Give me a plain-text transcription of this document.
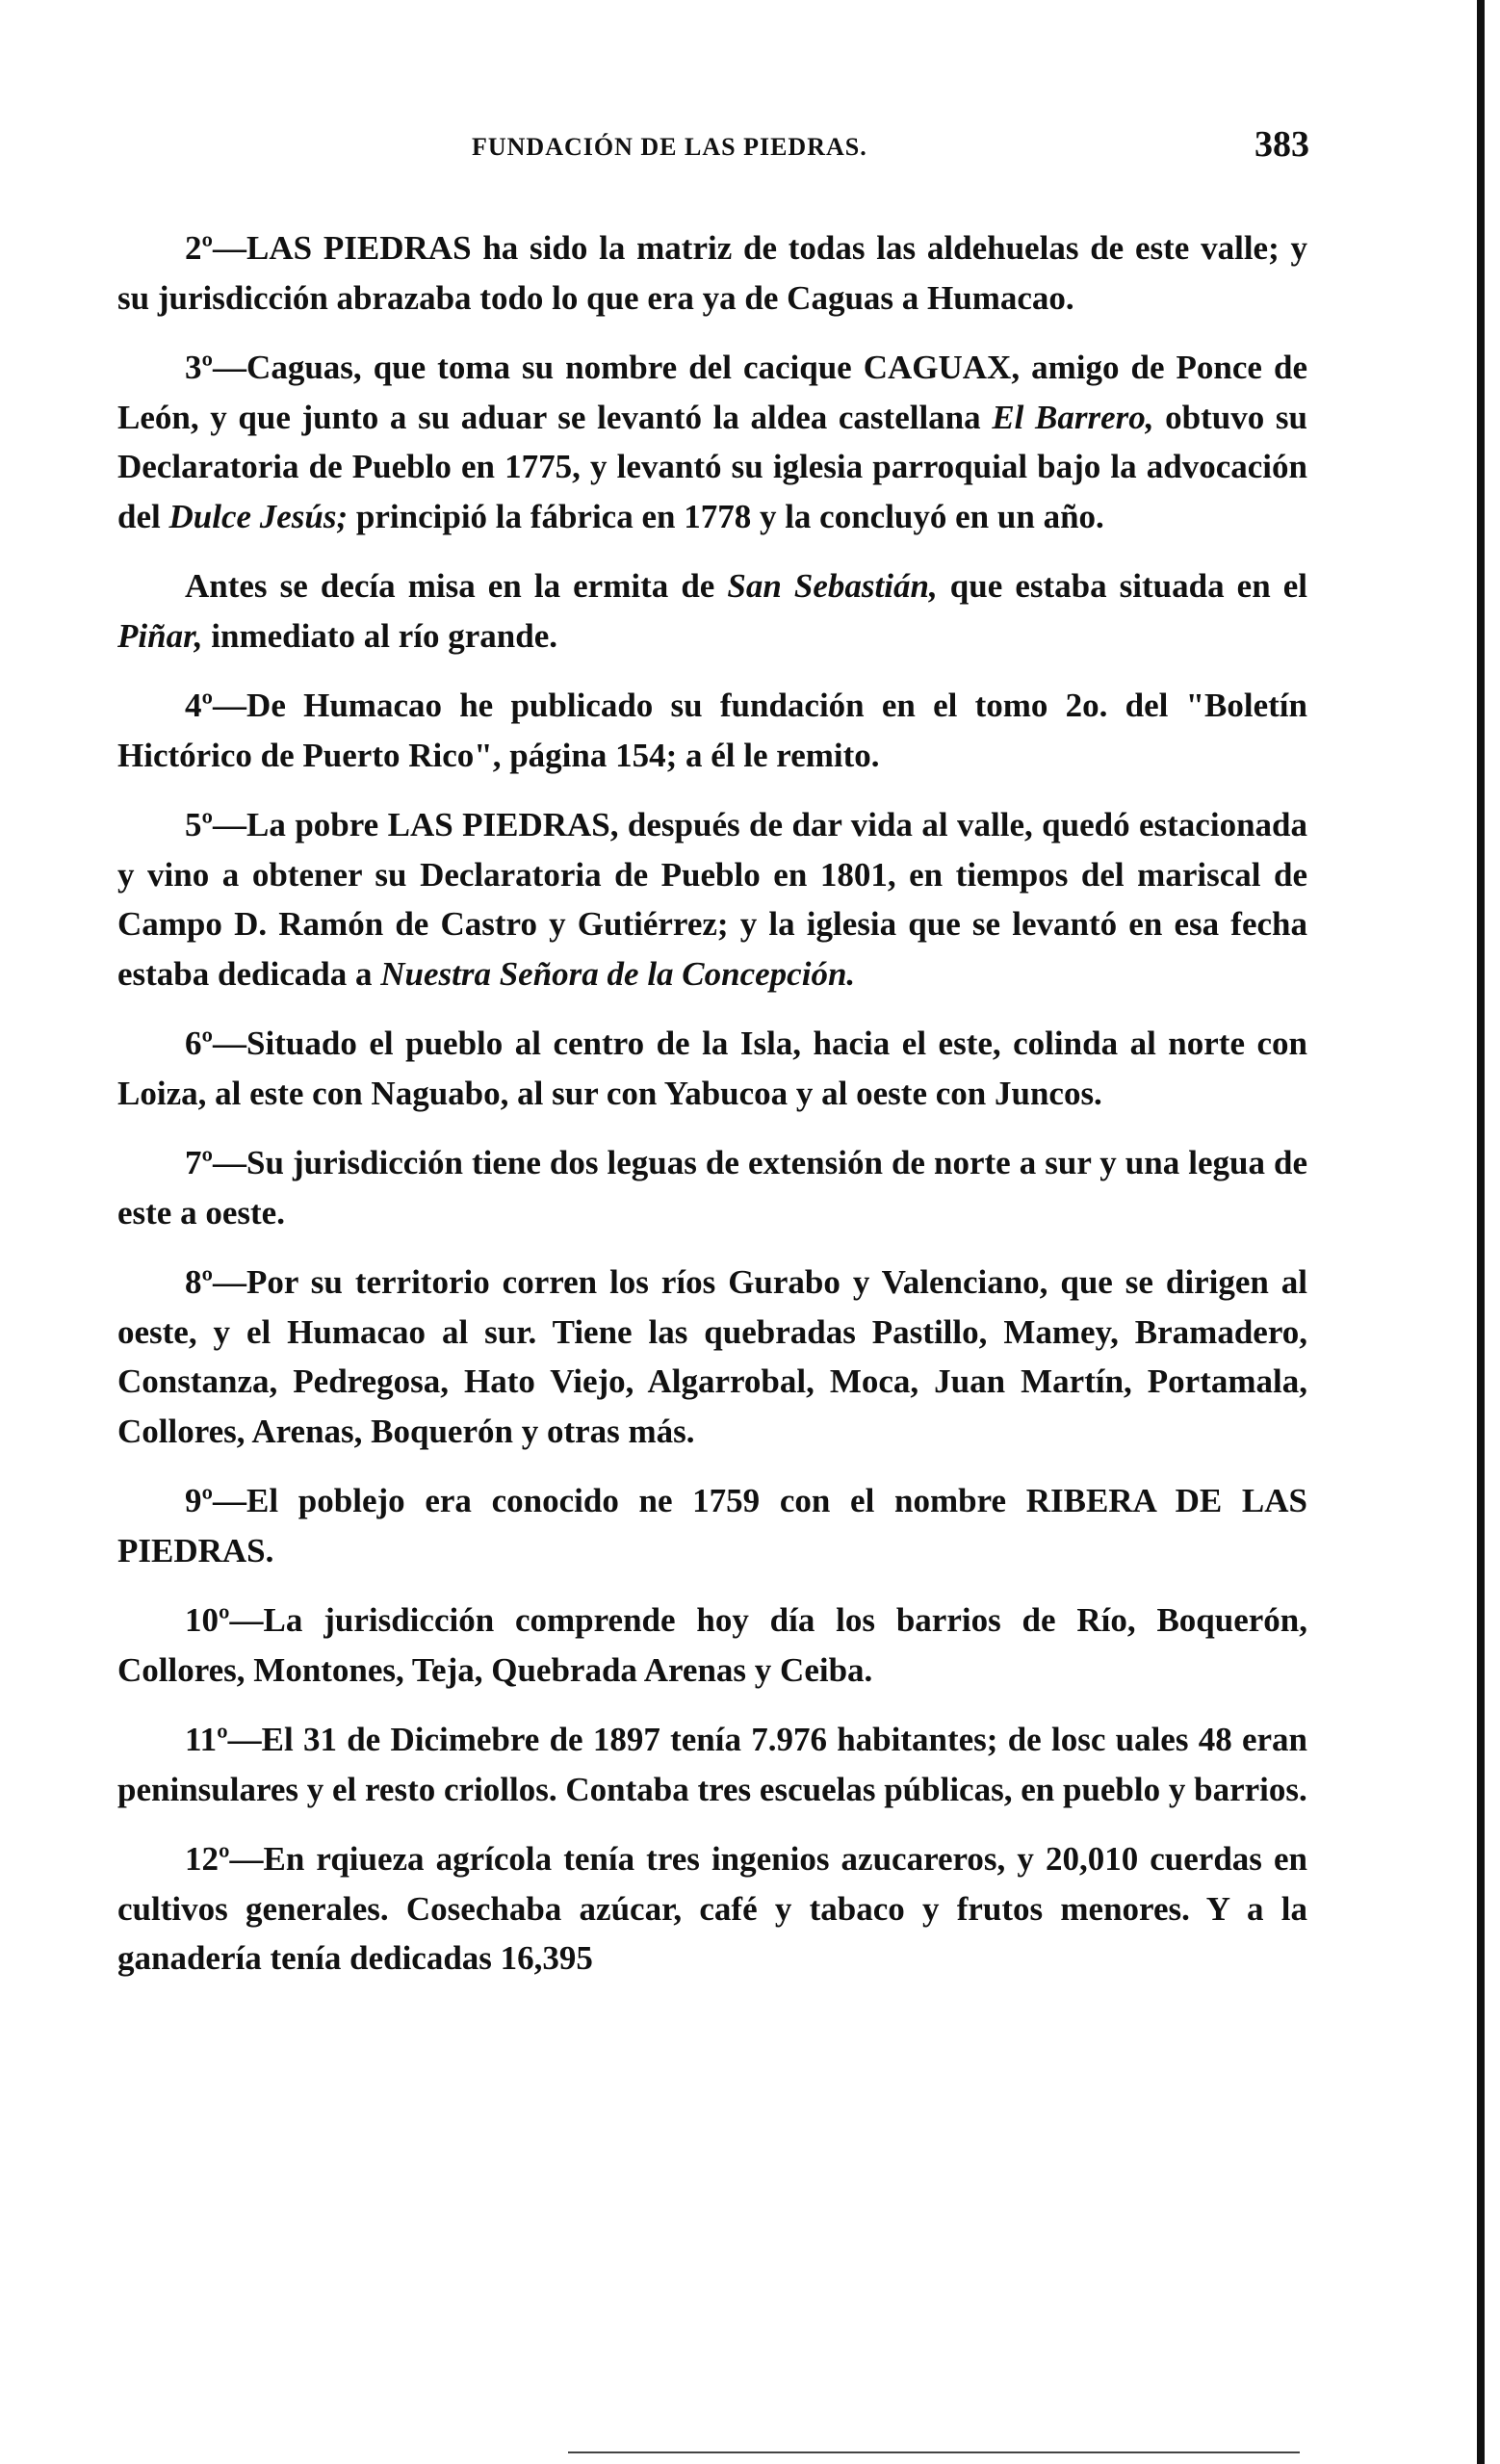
FUNDACIÓN DE LAS PIEDRAS.	383

2º—LAS PIEDRAS ha sido la matriz de todas las aldehuelas de este valle; y su jurisdicción abrazaba todo lo que era ya de Caguas a Humacao.

3º—Caguas, que toma su nombre del cacique CAGUAX, amigo de Ponce de León, y que junto a su aduar se levantó la aldea castellana El Barrero, obtuvo su Declaratoria de Pueblo en 1775, y levantó su iglesia parroquial bajo la advocación del Dulce Jesús; principió la fábrica en 1778 y la concluyó en un año.

Antes se decía misa en la ermita de San Sebastián, que estaba situada en el Piñar, inmediato al río grande.

4º—De Humacao he publicado su fundación en el tomo 2o. del "Boletín Hictórico de Puerto Rico", página 154; a él le remito.

5º—La pobre LAS PIEDRAS, después de dar vida al valle, quedó estacionada y vino a obtener su Declaratoria de Pueblo en 1801, en tiempos del mariscal de Campo D. Ramón de Castro y Gutiérrez; y la iglesia que se levantó en esa fecha estaba dedicada a Nuestra Señora de la Concepción.

6º—Situado el pueblo al centro de la Isla, hacia el este, colinda al norte con Loiza, al este con Naguabo, al sur con Yabucoa y al oeste con Juncos.

7º—Su jurisdicción tiene dos leguas de extensión de norte a sur y una legua de este a oeste.

8º—Por su territorio corren los ríos Gurabo y Valenciano, que se dirigen al oeste, y el Humacao al sur. Tiene las quebradas Pastillo, Mamey, Bramadero, Constanza, Pedregosa, Hato Viejo, Algarrobal, Moca, Juan Martín, Portamala, Collores, Arenas, Boquerón y otras más.

9º—El poblejo era conocido ne 1759 con el nombre RIBERA DE LAS PIEDRAS.

10º—La jurisdicción comprende hoy día los barrios de Río, Boquerón, Collores, Montones, Teja, Quebrada Arenas y Ceiba.

11º—El 31 de Dicimebre de 1897 tenía 7.976 habitantes; de losc uales 48 eran peninsulares y el resto criollos. Contaba tres escuelas públicas, en pueblo y barrios.

12º—En rqiueza agrícola tenía tres ingenios azucareros, y 20,010 cuerdas en cultivos generales. Cosechaba azúcar, café y tabaco y frutos menores. Y a la ganadería tenía dedicadas 16,395
